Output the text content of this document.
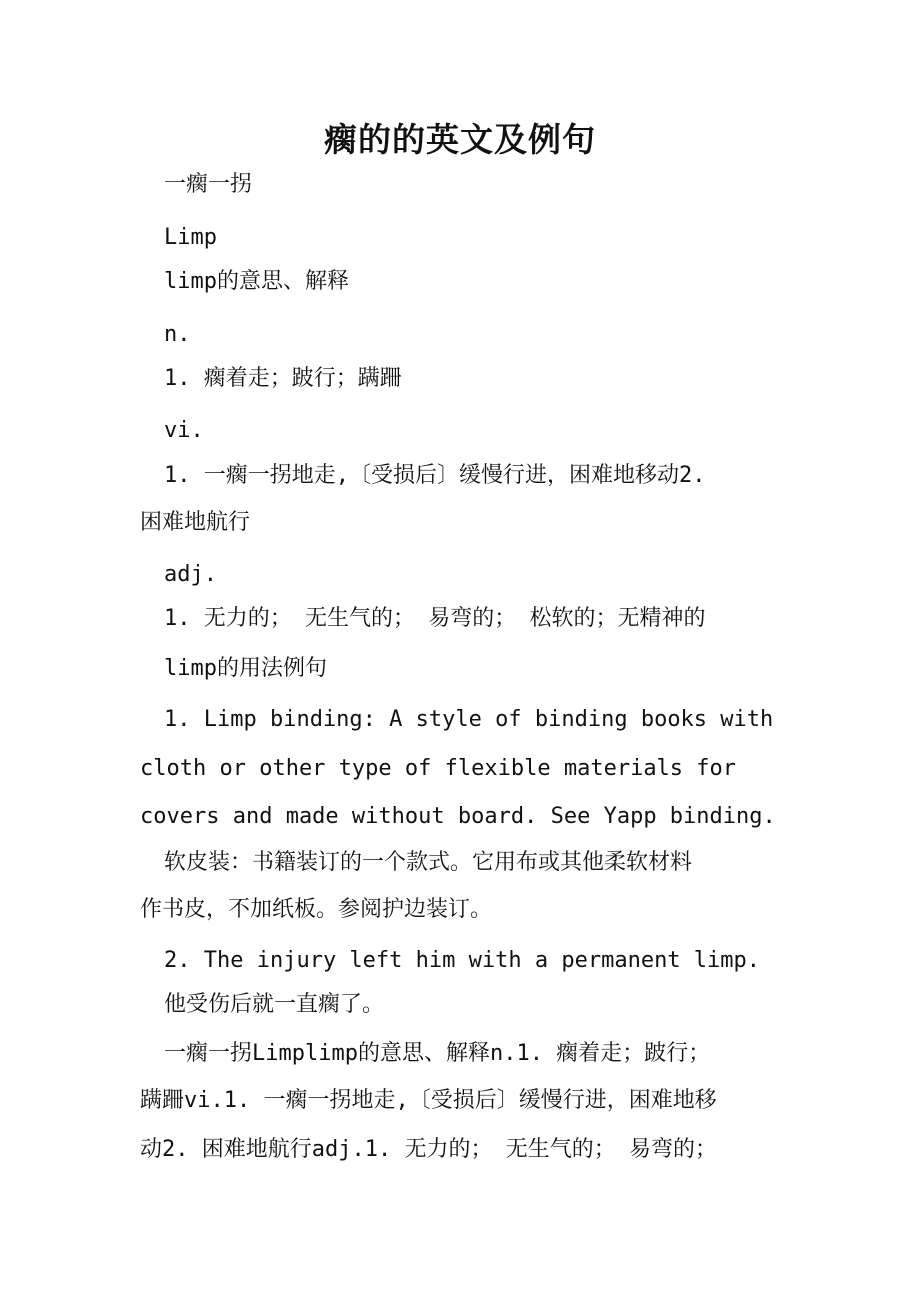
瘸的的英文及例句
一瘸一拐
Limp
limp的意思、解释
n.
1. 瘸着走；跛行；蹒跚
vi.
1. 一瘸一拐地走,〔受损后〕缓慢行进，困难地移动2.
困难地航行
adj.
1. 无力的； 无生气的； 易弯的； 松软的；无精神的
limp的用法例句
1. Limp binding: A style of binding books with
cloth or other type of flexible materials for
covers and made without board. See Yapp binding.
软皮装：书籍装订的一个款式。它用布或其他柔软材料
作书皮，不加纸板。参阅护边装订。
2. The injury left him with a permanent limp.
他受伤后就一直瘸了。
一瘸一拐Limplimp的意思、解释n.1. 瘸着走；跛行；
蹒跚vi.1. 一瘸一拐地走,〔受损后〕缓慢行进，困难地移
动2. 困难地航行adj.1. 无力的； 无生气的； 易弯的；
